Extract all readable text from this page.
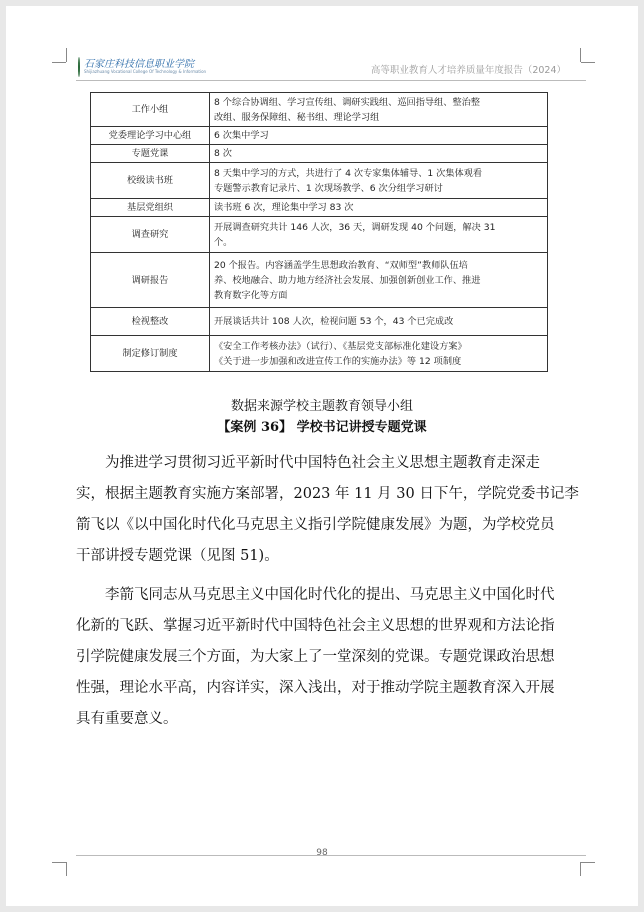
石家庄科技信息职业学院
Shijiazhuang Vocational College Of Technology & Information	高等职业教育人才培养质量年度报告（2024）
工作小组	8 个综合协调组、学习宣传组、调研实践组、巡回指导组、整治整
改组、服务保障组、秘书组、理论学习组

党委理论学习中心组	6 次集中学习

专题党课	8 次

校级读书班	8 天集中学习的方式，共进行了 4 次专家集体辅导、1 次集体观看
专题警示教育记录片、1 次现场教学、6 次分组学习研讨

基层党组织	读书班 6 次，理论集中学习 83 次

调查研究	开展调查研究共计 146 人次，36 天，调研发现 40 个问题，解决 31
个。

调研报告	20 个报告。内容涵盖学生思想政治教育、“双师型”教师队伍培
养、校地融合、助力地方经济社会发展、加强创新创业工作、推进
教育数字化等方面

检视整改	开展谈话共计 108 人次，检视问题 53 个，43 个已完成改

制定修订制度	《安全工作考核办法》（试行）、《基层党支部标准化建设方案》
《关于进一步加强和改进宣传工作的实施办法》等 12 项制度
数据来源学校主题教育领导小组
【案例 36】 学校书记讲授专题党课
为推进学习贯彻习近平新时代中国特色社会主义思想主题教育走深走
实，根据主题教育实施方案部署，2023 年 11 月 30 日下午，学院党委书记李
箭飞以《以中国化时代化马克思主义指引学院健康发展》为题，为学校党员
干部讲授专题党课（见图 51)。
李箭飞同志从马克思主义中国化时代化的提出、马克思主义中国化时代
化新的飞跃、掌握习近平新时代中国特色社会主义思想的世界观和方法论指
引学院健康发展三个方面，为大家上了一堂深刻的党课。专题党课政治思想
性强，理论水平高，内容详实，深入浅出，对于推动学院主题教育深入开展
具有重要意义。
98
